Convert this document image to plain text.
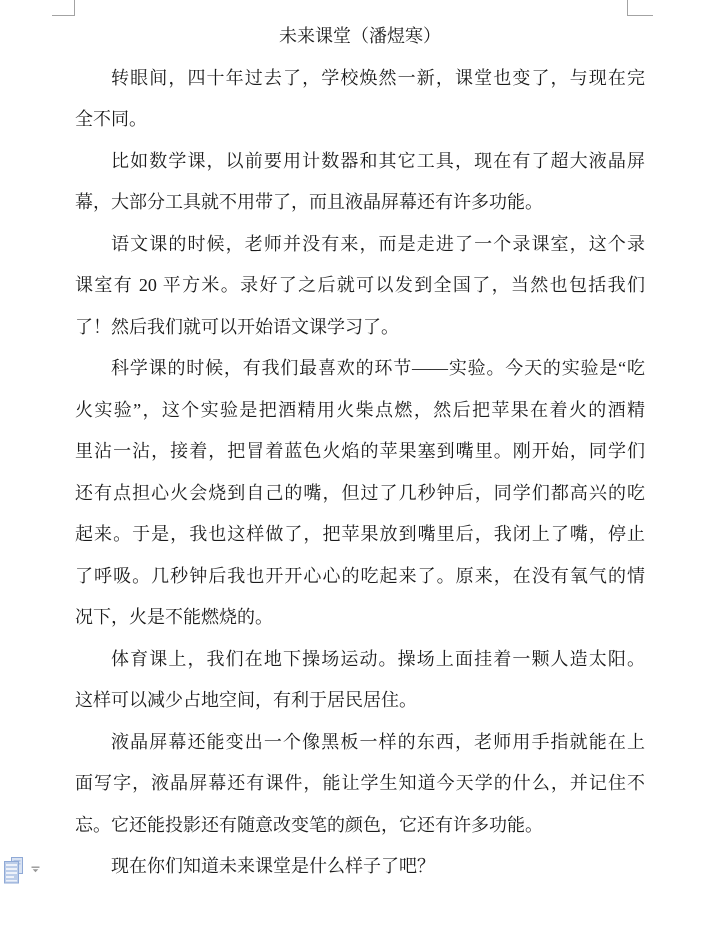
未来课堂（潘煜寒）
转眼间，四十年过去了，学校焕然一新，课堂也变了，与现在完
全不同。
比如数学课，以前要用计数器和其它工具，现在有了超大液晶屏
幕，大部分工具就不用带了，而且液晶屏幕还有许多功能。
语文课的时候，老师并没有来，而是走进了一个录课室，这个录
课室有 20 平方米。录好了之后就可以发到全国了，当然也包括我们
了！然后我们就可以开始语文课学习了。
科学课的时候，有我们最喜欢的环节——实验。今天的实验是“吃
火实验”，这个实验是把酒精用火柴点燃，然后把苹果在着火的酒精
里沾一沾，接着，把冒着蓝色火焰的苹果塞到嘴里。刚开始，同学们
还有点担心火会烧到自己的嘴，但过了几秒钟后，同学们都高兴的吃
起来。于是，我也这样做了，把苹果放到嘴里后，我闭上了嘴，停止
了呼吸。几秒钟后我也开开心心的吃起来了。原来，在没有氧气的情
况下，火是不能燃烧的。
体育课上，我们在地下操场运动。操场上面挂着一颗人造太阳。
这样可以减少占地空间，有利于居民居住。
液晶屏幕还能变出一个像黑板一样的东西，老师用手指就能在上
面写字，液晶屏幕还有课件，能让学生知道今天学的什么，并记住不
忘。它还能投影还有随意改变笔的颜色，它还有许多功能。
现在你们知道未来课堂是什么样子了吧？
